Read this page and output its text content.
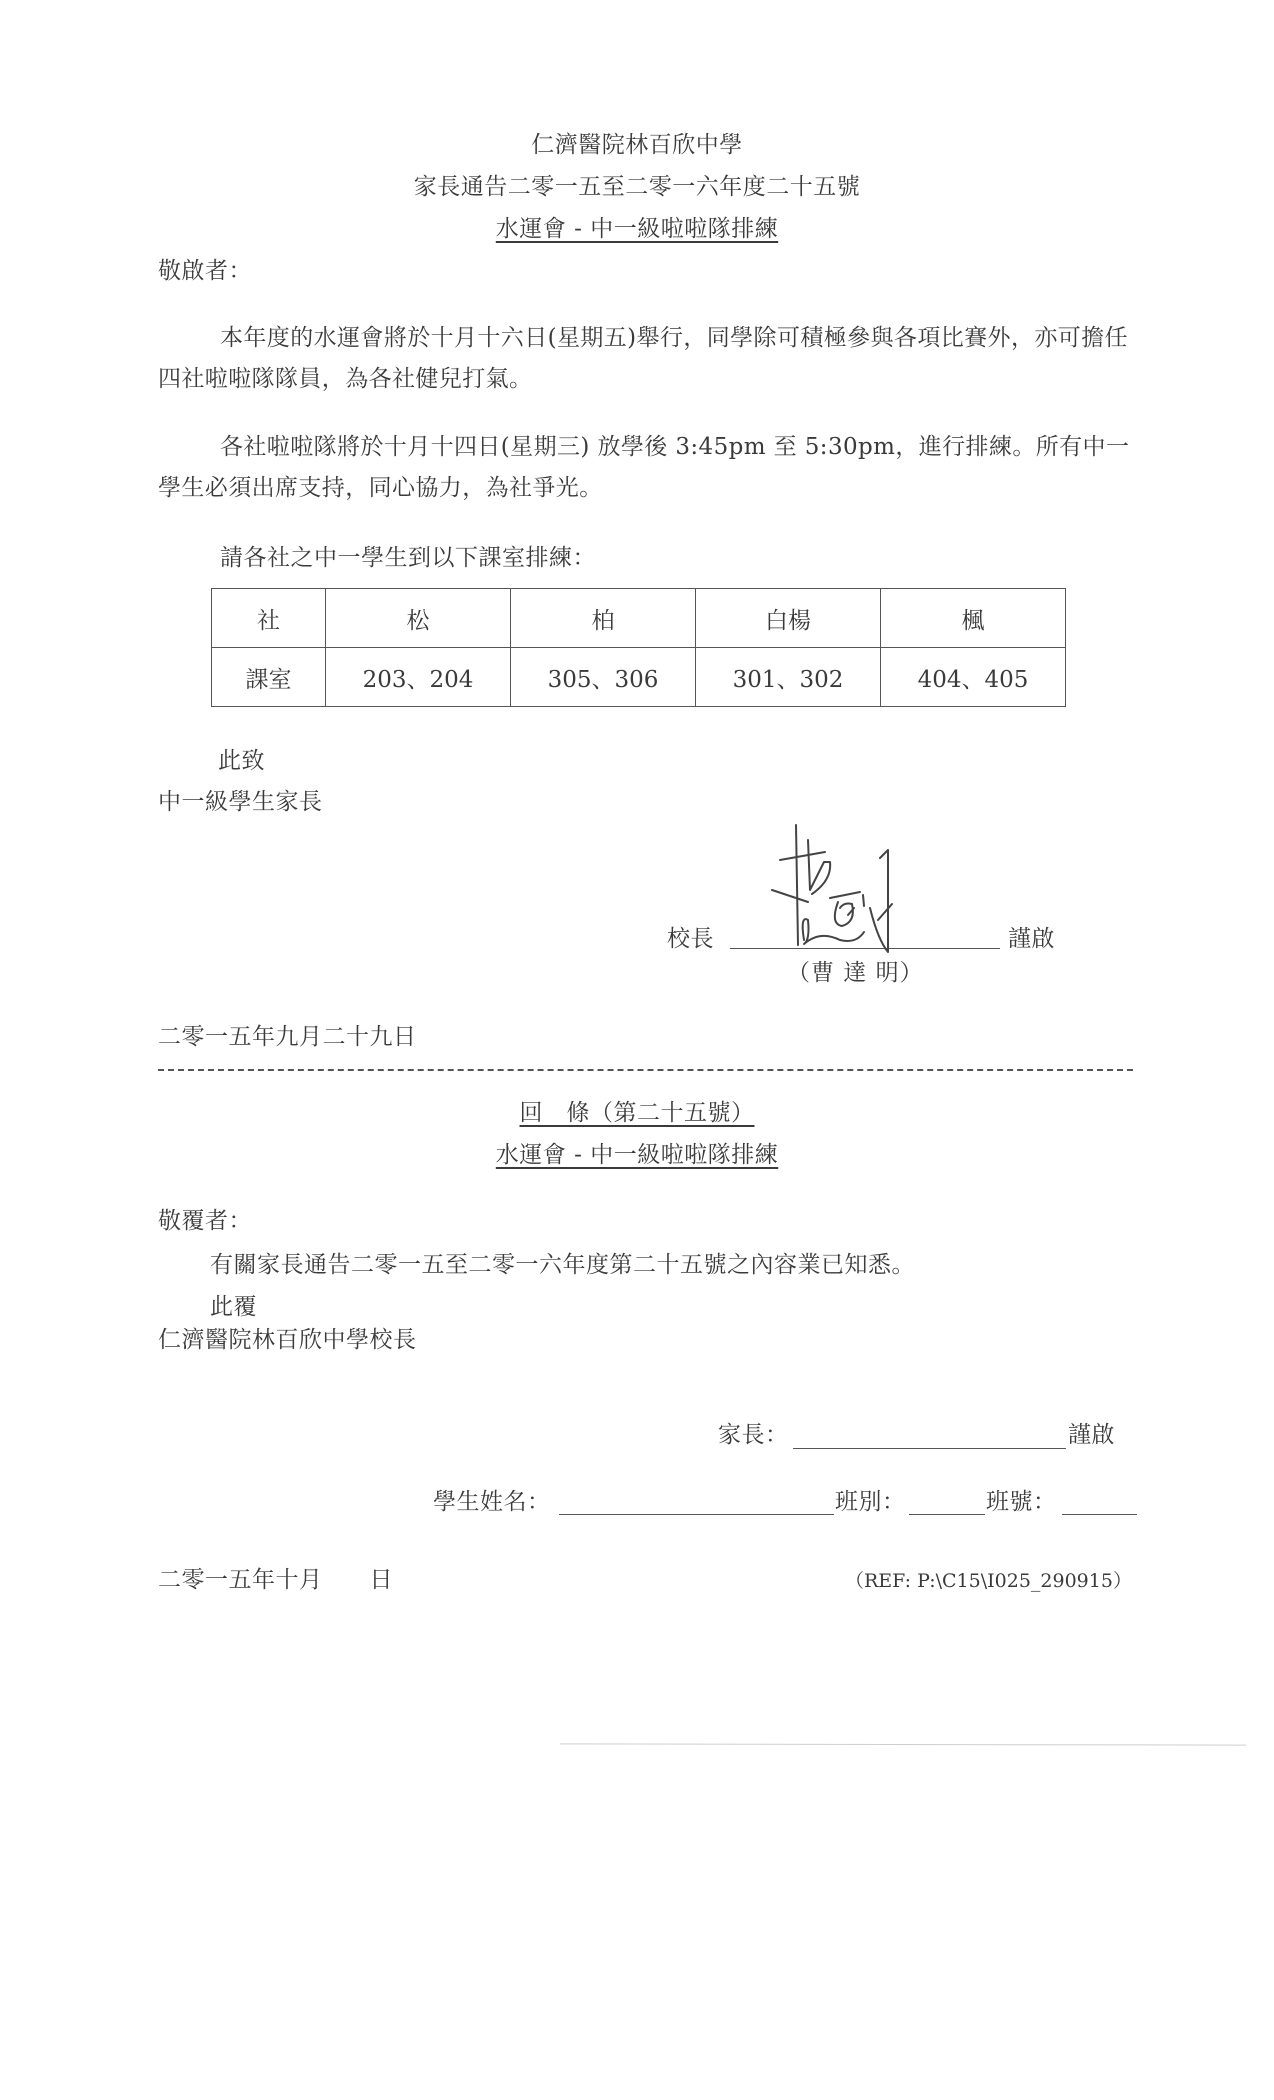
仁濟醫院林百欣中學
家長通告二零一五至二零一六年度二十五號
水運會 - 中一級啦啦隊排練
敬啟者：
本年度的水運會將於十月十六日(星期五)舉行，同學除可積極參與各項比賽外，亦可擔任四社啦啦隊隊員，為各社健兒打氣。
各社啦啦隊將於十月十四日(星期三) 放學後 3:45pm 至 5:30pm，進行排練。所有中一學生必須出席支持，同心協力，為社爭光。
請各社之中一學生到以下課室排練：
社	松	柏	白楊	楓
課室	203、204	305、306	301、302	404、405
此致
中一級學生家長
校長	謹啟
（曹 達 明）
二零一五年九月二十九日
回　條（第二十五號）
水運會 - 中一級啦啦隊排練
敬覆者：
有關家長通告二零一五至二零一六年度第二十五號之內容業已知悉。
此覆
仁濟醫院林百欣中學校長
家長：	謹啟
學生姓名：	班別：	班號：
二零一五年十月　　日	（REF: P:\C15\I025_290915）
